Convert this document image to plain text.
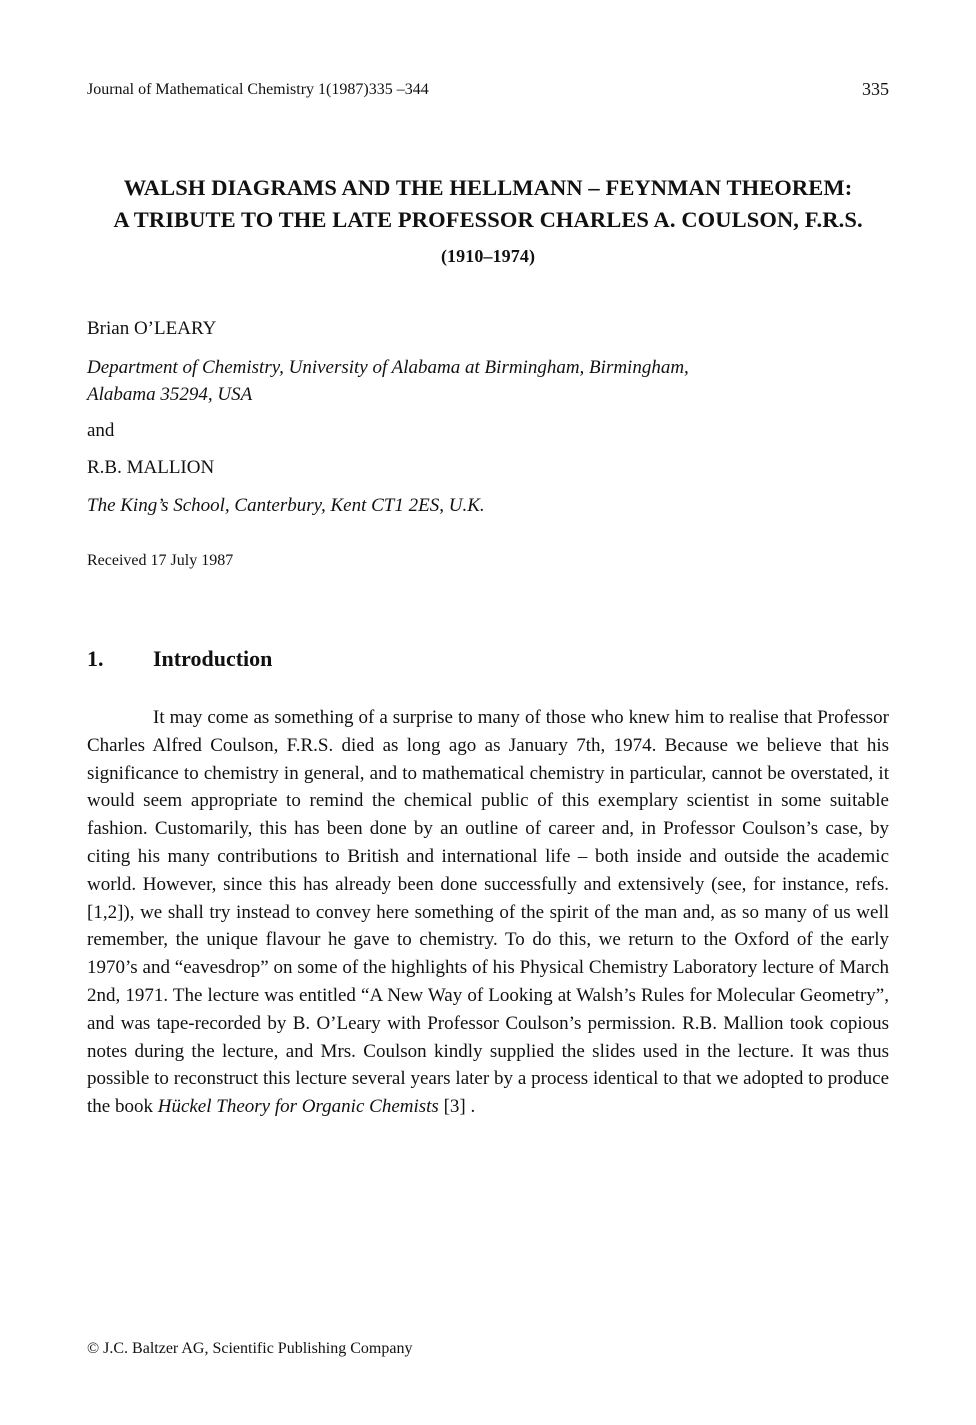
Journal of Mathematical Chemistry 1(1987)335 –344	335
WALSH DIAGRAMS AND THE HELLMANN – FEYNMAN THEOREM:
A TRIBUTE TO THE LATE PROFESSOR CHARLES A. COULSON, F.R.S.
(1910–1974)
Brian O’LEARY
Department of Chemistry, University of Alabama at Birmingham, Birmingham,
Alabama 35294, USA
and
R.B. MALLION
The King’s School, Canterbury, Kent CT1 2ES, U.K.
Received 17 July 1987
1. Introduction

It may come as something of a surprise to many of those who knew him to realise that Professor Charles Alfred Coulson, F.R.S. died as long ago as January 7th, 1974. Because we believe that his significance to chemistry in general, and to mathematical chemistry in particular, cannot be overstated, it would seem appropriate to remind the chemical public of this exemplary scientist in some suitable fashion. Customarily, this has been done by an outline of career and, in Professor Coulson’s case, by citing his many contributions to British and international life – both inside and outside the academic world. However, since this has already been done successfully and extensively (see, for instance, refs. [1,2]), we shall try instead to convey here something of the spirit of the man and, as so many of us well remember, the unique flavour he gave to chemistry. To do this, we return to the Oxford of the early 1970’s and “eavesdrop” on some of the highlights of his Physical Chemistry Laboratory lecture of March 2nd, 1971. The lecture was entitled “A New Way of Looking at Walsh’s Rules for Molecular Geometry”, and was tape-recorded by B. O’Leary with Professor Coulson’s permission. R.B. Mallion took copious notes during the lecture, and Mrs. Coulson kindly supplied the slides used in the lecture. It was thus possible to reconstruct this lecture several years later by a process identical to that we adopted to produce the book Hückel Theory for Organic Chemists [3] .

© J.C. Baltzer AG, Scientific Publishing Company
